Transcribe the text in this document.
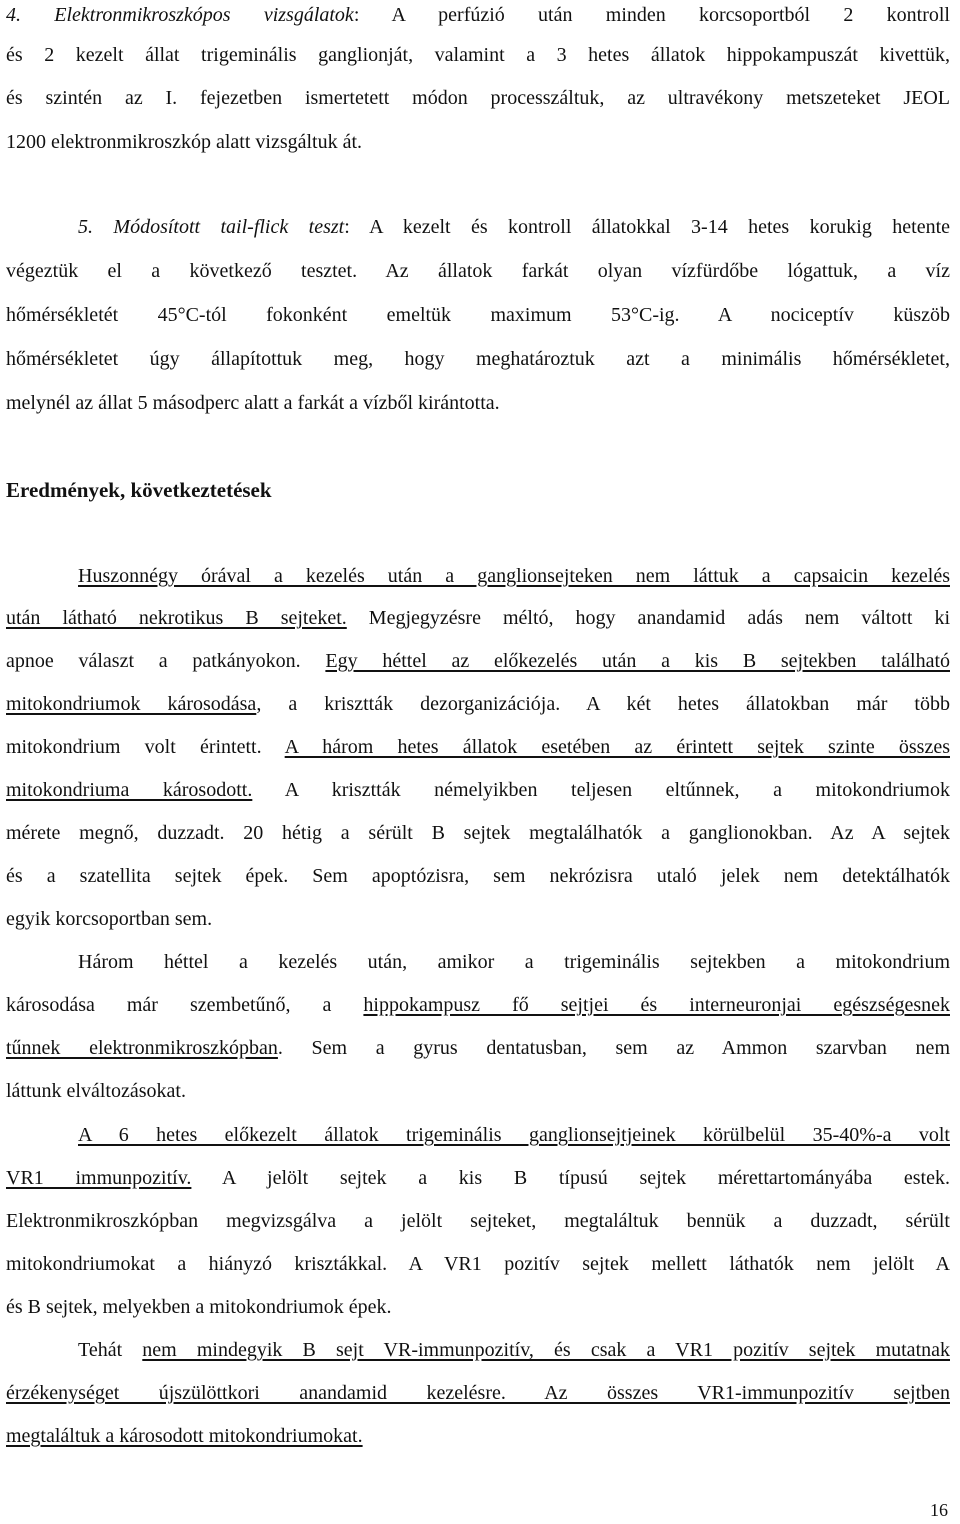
4. Elektronmikroszkópos vizsgálatok: A perfúzió után minden korcsoportból 2 kontroll
és 2 kezelt állat trigeminális ganglionját, valamint a 3 hetes állatok hippokampuszát kivettük,
és szintén az I. fejezetben ismertetett módon processzáltuk, az ultravékony metszeteket JEOL
1200 elektronmikroszkóp alatt vizsgáltuk át.
5. Módosított tail-flick teszt: A kezelt és kontroll állatokkal 3-14 hetes korukig hetente
végeztük el a következő tesztet. Az állatok farkát olyan vízfürdőbe lógattuk, a víz
hőmérsékletét 45°C-tól fokonként emeltük maximum 53°C-ig. A nociceptív küszöb
hőmérsékletet úgy állapítottuk meg, hogy meghatároztuk azt a minimális hőmérsékletet,
melynél az állat 5 másodperc alatt a farkát a vízből kirántotta.
Eredmények, következtetések
Huszonnégy órával a kezelés után a ganglionsejteken nem láttuk a capsaicin kezelés
után látható nekrotikus B sejteket. Megjegyzésre méltó, hogy anandamid adás nem váltott ki
apnoe választ a patkányokon. Egy héttel az előkezelés után a kis B sejtekben található
mitokondriumok károsodása, a krisztták dezorganizációja. A két hetes állatokban már több
mitokondrium volt érintett. A három hetes állatok esetében az érintett sejtek szinte összes
mitokondriuma károsodott. A krisztták némelyikben teljesen eltűnnek, a mitokondriumok
mérete megnő, duzzadt. 20 hétig a sérült B sejtek megtalálhatók a ganglionokban. Az A sejtek
és a szatellita sejtek épek. Sem apoptózisra, sem nekrózisra utaló jelek nem detektálhatók
egyik korcsoportban sem.
Három héttel a kezelés után, amikor a trigeminális sejtekben a mitokondrium
károsodása már szembetűnő, a hippokampusz fő sejtjei és interneuronjai egészségesnek
tűnnek elektronmikroszkópban. Sem a gyrus dentatusban, sem az Ammon szarvban nem
láttunk elváltozásokat.
A 6 hetes előkezelt állatok trigeminális ganglionsejtjeinek körülbelül 35-40%-a volt
VR1 immunpozitív. A jelölt sejtek a kis B típusú sejtek mérettartományába estek.
Elektronmikroszkópban megvizsgálva a jelölt sejteket, megtaláltuk bennük a duzzadt, sérült
mitokondriumokat a hiányzó krisztákkal. A VR1 pozitív sejtek mellett láthatók nem jelölt A
és B sejtek, melyekben a mitokondriumok épek.
Tehát nem mindegyik B sejt VR-immunpozitív, és csak a VR1 pozitív sejtek mutatnak
érzékenységet újszülöttkori anandamid kezelésre. Az összes VR1-immunpozitív sejtben
megtaláltuk a károsodott mitokondriumokat.
16
